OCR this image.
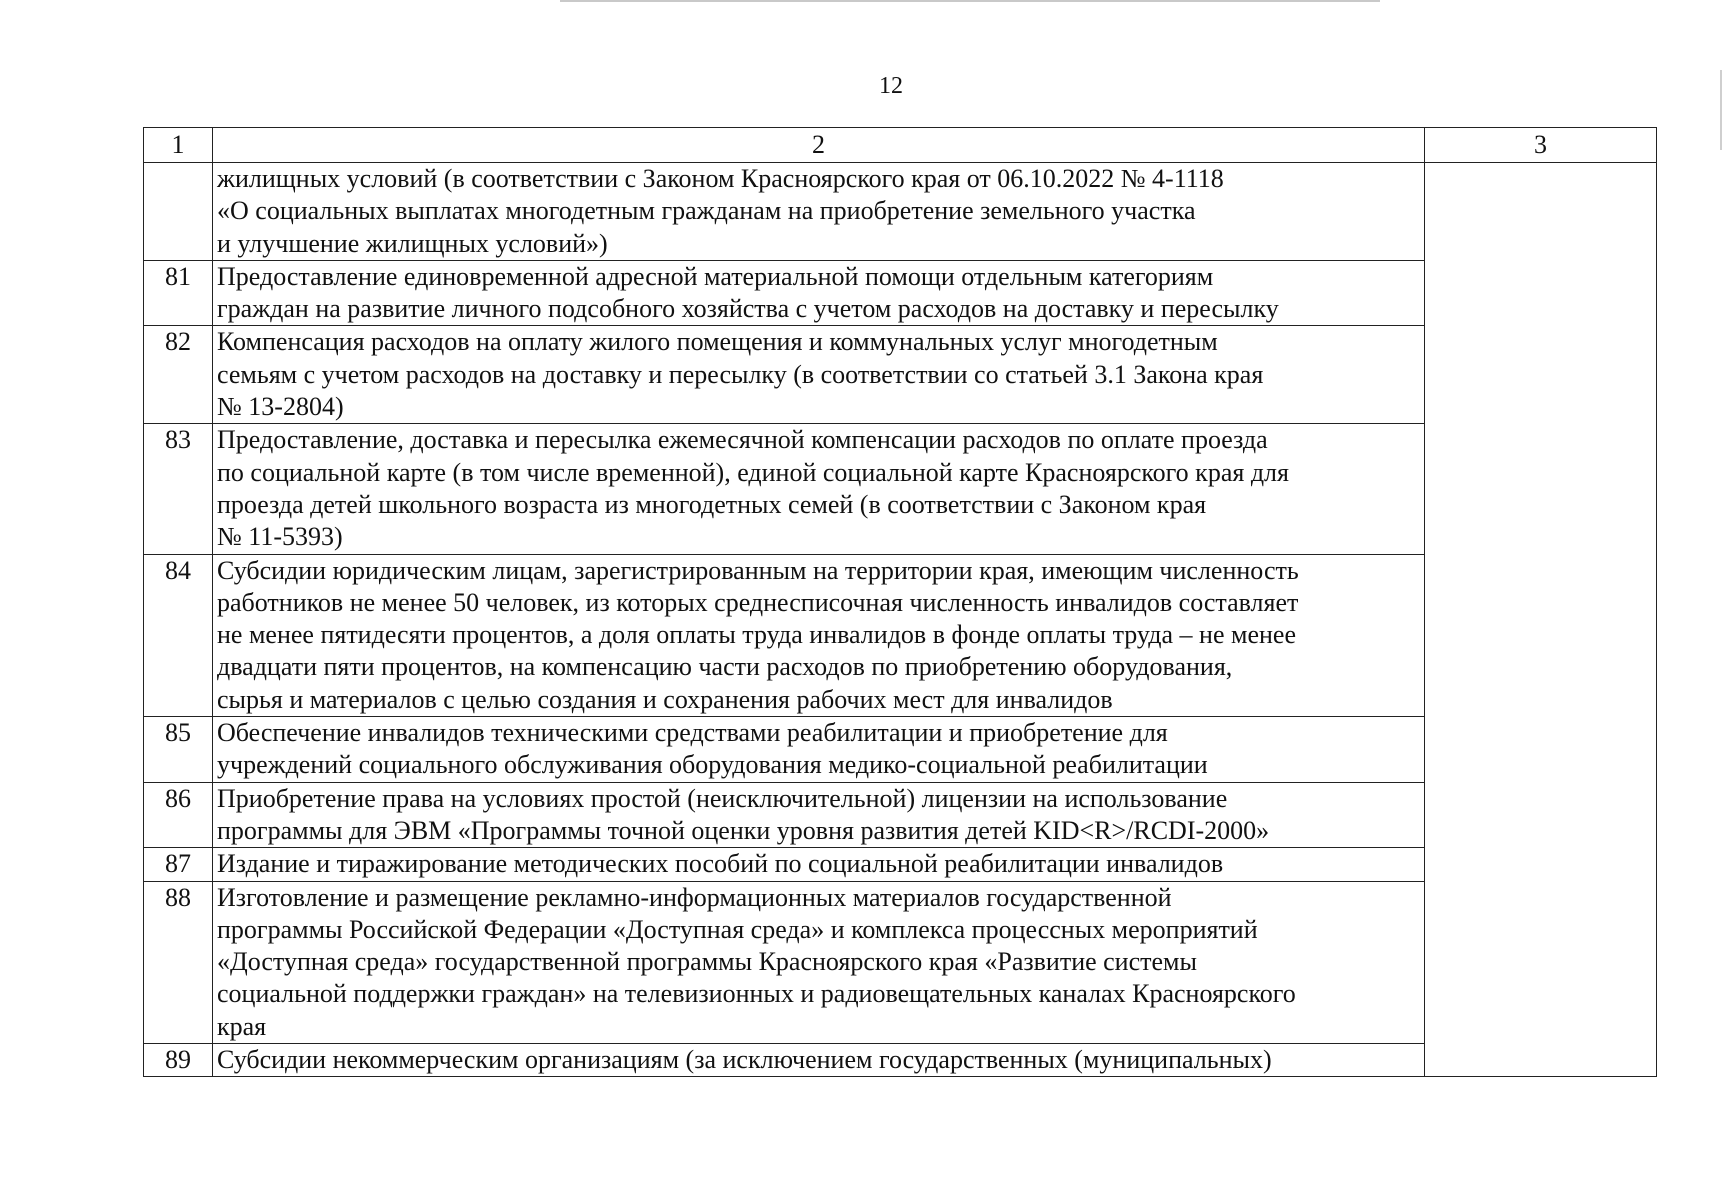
12
1	2	3
	жилищных условий (в соответствии с Законом Красноярского края от 06.10.2022 № 4-1118
«О социальных выплатах многодетным гражданам на приобретение земельного участка
и улучшение жилищных условий»)	
81	Предоставление единовременной адресной материальной помощи отдельным категориям
граждан на развитие личного подсобного хозяйства с учетом расходов на доставку и пересылку	
82	Компенсация расходов на оплату жилого помещения и коммунальных услуг многодетным
семьям с учетом расходов на доставку и пересылку (в соответствии со статьей 3.1 Закона края
№ 13-2804)	
83	Предоставление, доставка и пересылка ежемесячной компенсации расходов по оплате проезда
по социальной карте (в том числе временной), единой социальной карте Красноярского края для
проезда детей школьного возраста из многодетных семей (в соответствии с Законом края
№ 11-5393)	
84	Субсидии юридическим лицам, зарегистрированным на территории края, имеющим численность
работников не менее 50 человек, из которых среднесписочная численность инвалидов составляет
не менее пятидесяти процентов, а доля оплаты труда инвалидов в фонде оплаты труда – не менее
двадцати пяти процентов, на компенсацию части расходов по приобретению оборудования,
сырья и материалов с целью создания и сохранения рабочих мест для инвалидов	
85	Обеспечение инвалидов техническими средствами реабилитации и приобретение для
учреждений социального обслуживания оборудования медико-социальной реабилитации	
86	Приобретение права на условиях простой (неисключительной) лицензии на использование
программы для ЭВМ «Программы точной оценки уровня развития детей KID<R>/RCDI-2000»	
87	Издание и тиражирование методических пособий по социальной реабилитации инвалидов	
88	Изготовление и размещение рекламно-информационных материалов государственной
программы Российской Федерации «Доступная среда» и комплекса процессных мероприятий
«Доступная среда» государственной программы Красноярского края «Развитие системы
социальной поддержки граждан» на телевизионных и радиовещательных каналах Красноярского
края	
89	Субсидии некоммерческим организациям (за исключением государственных (муниципальных)	
